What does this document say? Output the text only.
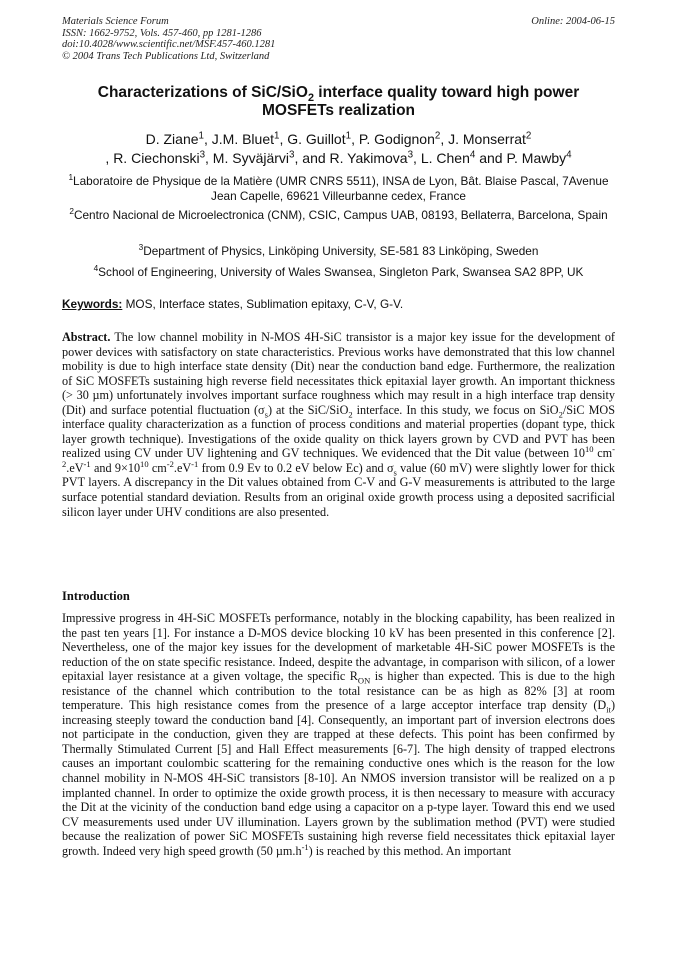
Materials Science Forum
ISSN: 1662-9752, Vols. 457-460, pp 1281-1286
doi:10.4028/www.scientific.net/MSF.457-460.1281
© 2004 Trans Tech Publications Ltd, Switzerland
Online: 2004-06-15
Characterizations of SiC/SiO$_2$ interface quality toward high power MOSFETs realization
D. Ziane$^1$, J.M. Bluet$^1$, G. Guillot$^1$, P. Godignon$^2$, J. Monserrat$^2$
, R. Ciechonski$^3$, M. Syväjärvi$^3$, and R. Yakimova$^3$, L. Chen$^4$ and P. Mawby$^4$
$^1$Laboratoire de Physique de la Matière (UMR CNRS 5511), INSA de Lyon, Bât. Blaise Pascal, 7Avenue Jean Capelle, 69621 Villeurbanne cedex, France
$^2$Centro Nacional de Microelectronica (CNM), CSIC, Campus UAB, 08193, Bellaterra, Barcelona, Spain
$^3$Department of Physics, Linköping University, SE-581 83 Linköping, Sweden
$^4$School of Engineering, University of Wales Swansea, Singleton Park, Swansea SA2 8PP, UK
Keywords: MOS, Interface states, Sublimation epitaxy, C-V, G-V.
Abstract. The low channel mobility in N-MOS 4H-SiC transistor is a major key issue for the development of power devices with satisfactory on state characteristics. Previous works have demonstrated that this low channel mobility is due to high interface state density (Dit) near the conduction band edge. Furthermore, the realization of SiC MOSFETs sustaining high reverse field necessitates thick epitaxial layer growth. An important thickness (> 30 µm) unfortunately involves important surface roughness which may result in a high interface trap density (Dit) and surface potential fluctuation $(\sigma_s)$ at the SiC/SiO$_2$ interface. In this study, we focus on SiO$_2$/SiC MOS interface quality characterization as a function of process conditions and material properties (dopant type, thick layer growth technique). Investigations of the oxide quality on thick layers grown by CVD and PVT has been realized using CV under UV lightening and GV techniques. We evidenced that the Dit value (between $10^{10}$ $cm^{-2}.eV^{-1}$ and $9\times 10^{10}$ $cm^{-2}.eV^{-1}$ from 0.9 Ev to 0.2 eV below Ec) and $\sigma_s$ value (60 mV) were slightly lower for thick PVT layers. A discrepancy in the Dit values obtained from C-V and G-V measurements is attributed to the large surface potential standard deviation. Results from an original oxide growth process using a deposited sacrificial silicon layer under UHV conditions are also presented.
Introduction
Impressive progress in 4H-SiC MOSFETs performance, notably in the blocking capability, has been realized in the past ten years [1]. For instance a D-MOS device blocking 10 kV has been presented in this conference [2]. Nevertheless, one of the major key issues for the development of marketable 4H-SiC power MOSFETs is the reduction of the on state specific resistance. Indeed, despite the advantage, in comparison with silicon, of a lower epitaxial layer resistance at a given voltage, the specific $R_{ON}$ is higher than expected. This is due to the high resistance of the channel which contribution to the total resistance can be as high as 82% [3] at room temperature. This high resistance comes from the presence of a large acceptor interface trap density $(D_{it})$ increasing steeply toward the conduction band [4]. Consequently, an important part of inversion electrons does not participate in the conduction, given they are trapped at these defects. This point has been confirmed by Thermally Stimulated Current [5] and Hall Effect measurements [6-7]. The high density of trapped electrons causes an important coulombic scattering for the remaining conductive ones which is the reason for the low channel mobility in N-MOS 4H-SiC transistors [8-10]. An NMOS inversion transistor will be realized on a p implanted channel. In order to optimize the oxide growth process, it is then necessary to measure with accuracy the Dit at the vicinity of the conduction band edge using a capacitor on a p-type layer. Toward this end we used CV measurements used under UV illumination. Layers grown by the sublimation method (PVT) were studied because the realization of power SiC MOSFETs sustaining high reverse field necessitates thick epitaxial layer growth. Indeed very high speed growth (50 $\mu m.h^{-1}$) is reached by this method. An important
